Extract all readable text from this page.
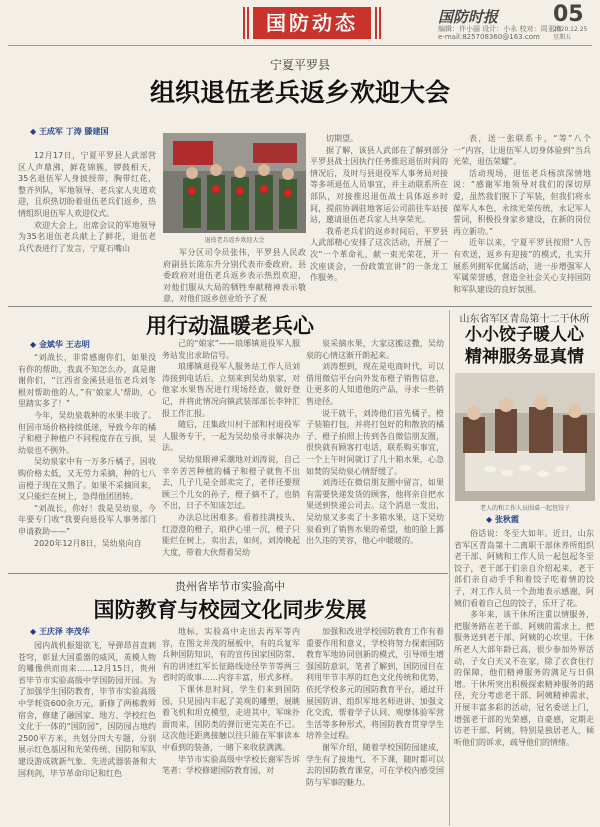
国防动态	国防时报 05
编辑：许小丽 设计：小永 校对：周亚南
e-mail:825708360@163.com
2020.12.25
星期五
宁夏平罗县
组织退伍老兵返乡欢迎大会
◆ 王成军 丁涛 滕建国

12月17日，宁夏平罗县人武部营区人声鼎沸，鲜花锦簇，锣鼓相天，35名退伍军人身披授带，胸带红花，整齐列队，军地领导、老兵家人夹道欢迎，且炽热切盼着退伍老兵们返乡，热情组织退伍军人欢迎仪式。

欢迎大会上，出席会议的军地领导为35名退伍老兵献上了鲜花，退伍老兵代表进行了发言，宁夏石嘴山

退役老兵返乡欢迎大会

军分区司令员张伟，平罗县人民政府副县长陈东升分别代表市委政府，县委政府对退伍老兵返乡表示热烈欢迎，对他们服从大局的牺牲奉献精神表示敬意，对他们返乡创业给予了祝

切期望。

据了解，该县人武部在了解到部分平罗县战士因执行任务推迟退伍时间的情况后，及时与县退役军人事务局对接等多项退伍人员事宜，并主动联系所在部队，对接推迟退伍战士具体返乡时间，提前协调驻地客运公司前往车站接站，邀请退伍老兵家人共享荣光。

我希老兵们的返乡时间后，平罗县人武部精心安排了这次活动，开展了一次“一个革命礼，献一束光荣花，开一次座谈会，一份政策宣讲”的一条龙工作服务。

表，送一张联系卡，“等”八个一“内容，让退伍军人切身体验到“当兵光荣，退伍荣耀”。

活动现场，退伍老兵杨滨深情地说：“感谢军地领导对我们的深切厚爱，虽然我们脱下了军装，但我们将永葆军人本色，永续光荣传统，永记军人誓词，积极投身家乡建设，在新的岗位再立新功。”

近年以来，宁夏平罗县按照“人告有欢送，返乡有迎接”的模式，扎实开展系列拥军优属活动，进一步增强军人军属荣誉感，营造全社会关心支持国防和军队建设的良好氛围。

用行动温暖老兵心
◆ 金斌华 王志明

“刘战长，非常感谢你们，如果没有你的帮助，我真不知怎么办，真是谢谢你们，“江西省金溪县退伍老兵刘冬根对帮助他的人，”有‘娘家人’帮助，心里踏实多了！”

今年，吴幼泉栽种的水果丰收了。但因市场价格持续低迷，导致今年的橘子和橙子种植户不同程度存在亏损，吴幼泉也不例外。

吴幼泉家中有一万多斤橘子，因收购价格太低，又无劳力采摘，种的七八亩橙子现在又熟了。如果不采摘回来，又只能烂在树上，急得他团团转。

“刘战长，你好！我是吴幼泉，今年要专门收“我要向退役军人事务部门申请救助——”

2020年12月8日，吴幼泉向自

己的“娘家”——琅琊镇退役军人服务站发出求助信号。

琅琊镇退役军人服务站工作人员刘涛接到电话后，立刻来到吴幼泉家，对他家水果售况进行现场经查，做好登记，并将此情况向镇武装部部长李钟汇报工作汇报。

随后，汪集政川村干部和村退役军人服务专干，一起为吴幼泉寻求解决办法。

吴幼泉眼神采潮地对刘涛说，自己辛辛苦苦种植的橘子和橙子就售不出去，几子几是全部卖完了，老伴还要照顾三个儿女的孙子，橙子摘不了，也销不出，日子不知该怎过。

办法总比困难多。看着挂满枝头、红澄澄的橙子，琅伊心里一沉，橙子只能烂在树上，卖出去，如何，刘涛晚起大度，带着大伙帮着吴幼

泉采摘水果，大家这搬这撒，吴幼泉的心情这渐开朗起来。

刘涛想到，现在是电商时代，可以借用微信平台向外发布橙子销售信息，让更多的人知道他的产品，寻求一些销售途径。

说干就干，刘涛他们首先橘子，橙子装箱打包，并将打包好的和散放的橘子、橙子拍照上传到各自微信朋友圈，很快就有顾客打电话，联系购买事宜，一个上午时间就订了几十箱水果，心急如焚的吴幼泉心情舒缓了。

刘涛还在微信朋友圈中留言，如果有需要快递发货的顾客，他将亲自把水果送到快递公司去。这个消息一发出，吴幼泉又多卖了十多箱水果，这下吴幼泉看到了销售水果的希望，他的脸上露出久违的笑容，他心中暖暖的。

山东省军区青岛第十二干休所
小小饺子暖人心
精神服务显真情
老人的和工作人员围桌一起包饺子
◆ 张秋霞

俗话说：冬至大如年。近日，山东省军区青岛第十二离职干部休养所组织老干部、阿姨和工作人员一起包起冬至饺子，老干部于们亲自介绍起来，老干部们亲自动手手和着饺子吃着情的饺子，对工作人员一个劲地表示感谢，阿姨们看着自己包的饺子，乐开了花。

多年来，该干休所注重以情服务，把服务路在老干部、阿姨的需求上，把服务送到老干部、阿姨的心坎里。干休所老人大部年龄已高，很少参加外界活动，子女白天又不在家，除了衣食住行的保障，他们精神服务的满足与日俱增。干休所突出积极探索精神服务的路径，充分考虑老干部、阿姨精神需求，开展丰富多彩的活动，冠名委送上门，增强老干部的光荣感，自豪感，定期走访老干部、阿姨，特别是独居老人，倾听他们的诉求，疏导他们的情绪。

贵州省毕节市实验高中
国防教育与校园文化同步发展
◆ 王庆泽 李茂华

园内战机振翅欲飞，导弹昂首直刺苍穹，彰显大国重器的威风，英模人物的雕像供而而来……12月15日，贵州省毕节市实验高级中学国防园开园。为了加强学生国防教育，毕节市实验高级中学耗资600余万元，新修了两栋教师宿舍，修建了融国家、地方、学校红色文化于一体的“国防园”，国防园占地约2500平方米，共划分四大专题，分别展示红色基因和光荣传统、国防和军队建设游成就新气象、先进武器装备和大国利剑，毕节革命印记和红色

地标，实验高中走出去再军等内容，在图文并茂的展板中，有的兵复军兵种国防知识，有的宣传国家国防常、有的讲述红军长征路线途径毕节等两三省时的故事……内容丰富，形式多样。

下课休息时间，学生们来到国防园，只见园内丰起了美观的雕塑，展眺着飞机和坦克模型，走进其中，军味扑面而来，国防类的弹衍更完美在不已。这次他还距离接触以往只能在军事读本中看到的装备，一睹下来收获满满。

毕节市实验高级中学校长谢军告诉笔者：学校修建国防教育园，对

加强和改进学校国防教育工作有着重要作用和意义，学校将努力探索国防教育军地协同创新的模式，引导师生增强国防意识，笔者了解到，国防园目在利用毕节丰厚的红色文化传统和优势，依托学校多元的国防教育平台，通过开展国防讲、组织军地名师进讲、加强文化交流，帮着学子认同、观摩体验军营生活等多种形式，将国防教育贯穿学生培养全过程。

谢军介绍，随着学校国防园建成，学生有了接地气、不下课，随时都可以去的国防教育课堂，可在学校内感受国防与军事的魅力。
